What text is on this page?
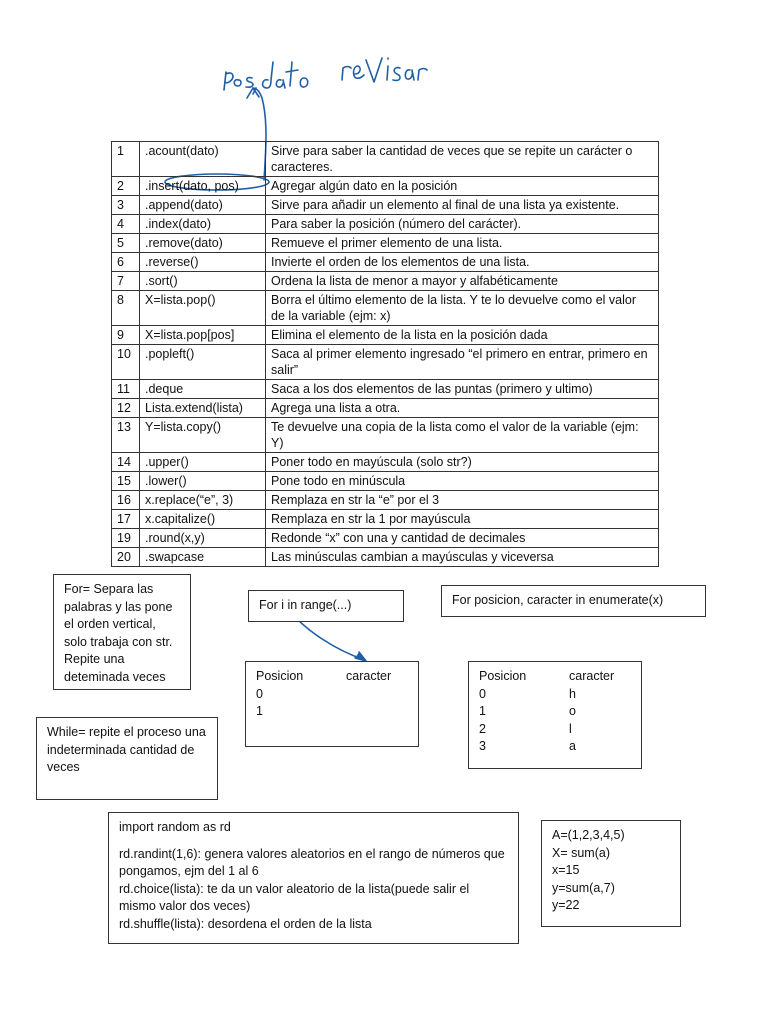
1	.acount(dato)	Sirve para saber la cantidad de veces que se repite un carácter o caracteres.
2	.insert(dato, pos)	Agregar algún dato en la posición
3	.append(dato)	Sirve para añadir un elemento al final de una lista ya existente.
4	.index(dato)	Para saber la posición (número del carácter).
5	.remove(dato)	Remueve el primer elemento de una lista.
6	.reverse()	Invierte el orden de los elementos de una lista.
7	.sort()	Ordena la lista de menor a mayor y alfabéticamente
8	X=lista.pop()	Borra el último elemento de la lista. Y te lo devuelve como el valor de la variable (ejm: x)
9	X=lista.pop[pos]	Elimina el elemento de la lista en la posición dada
10	.popleft()	Saca al primer elemento ingresado “el primero en entrar, primero en salir”
11	.deque	Saca a los dos elementos de las puntas (primero y ultimo)
12	Lista.extend(lista)	Agrega una lista a otra.
13	Y=lista.copy()	Te devuelve una copia de la lista como el valor de la variable (ejm: Y)
14	.upper()	Poner todo en mayúscula (solo str?)
15	.lower()	Pone todo en minúscula
16	x.replace(“e”, 3)	Remplaza en str la “e” por el 3
17	x.capitalize()	Remplaza en str la 1 por mayúscula
19	.round(x,y)	Redonde “x” con una y cantidad de decimales
20	.swapcase	Las minúsculas cambian a mayúsculas y viceversa

For= Separa las palabras y las pone el orden vertical, solo trabaja con str. Repite una deteminada veces

For i in range(...)	For posicion, caracter in enumerate(x)

Posicion	caracter
0
1
Posicion	caracter
0	h
1	o
2	l
3	a

While= repite el proceso una indeterminada cantidad de veces

import random as rd

rd.randint(1,6): genera valores aleatorios en el rango de números que pongamos, ejm del 1 al 6

rd.choice(lista): te da un valor aleatorio de la lista(puede salir el mismo valor dos veces)

rd.shuffle(lista): desordena el orden de la lista

A=(1,2,3,4,5)

X= sum(a)

x=15

y=sum(a,7)

y=22
